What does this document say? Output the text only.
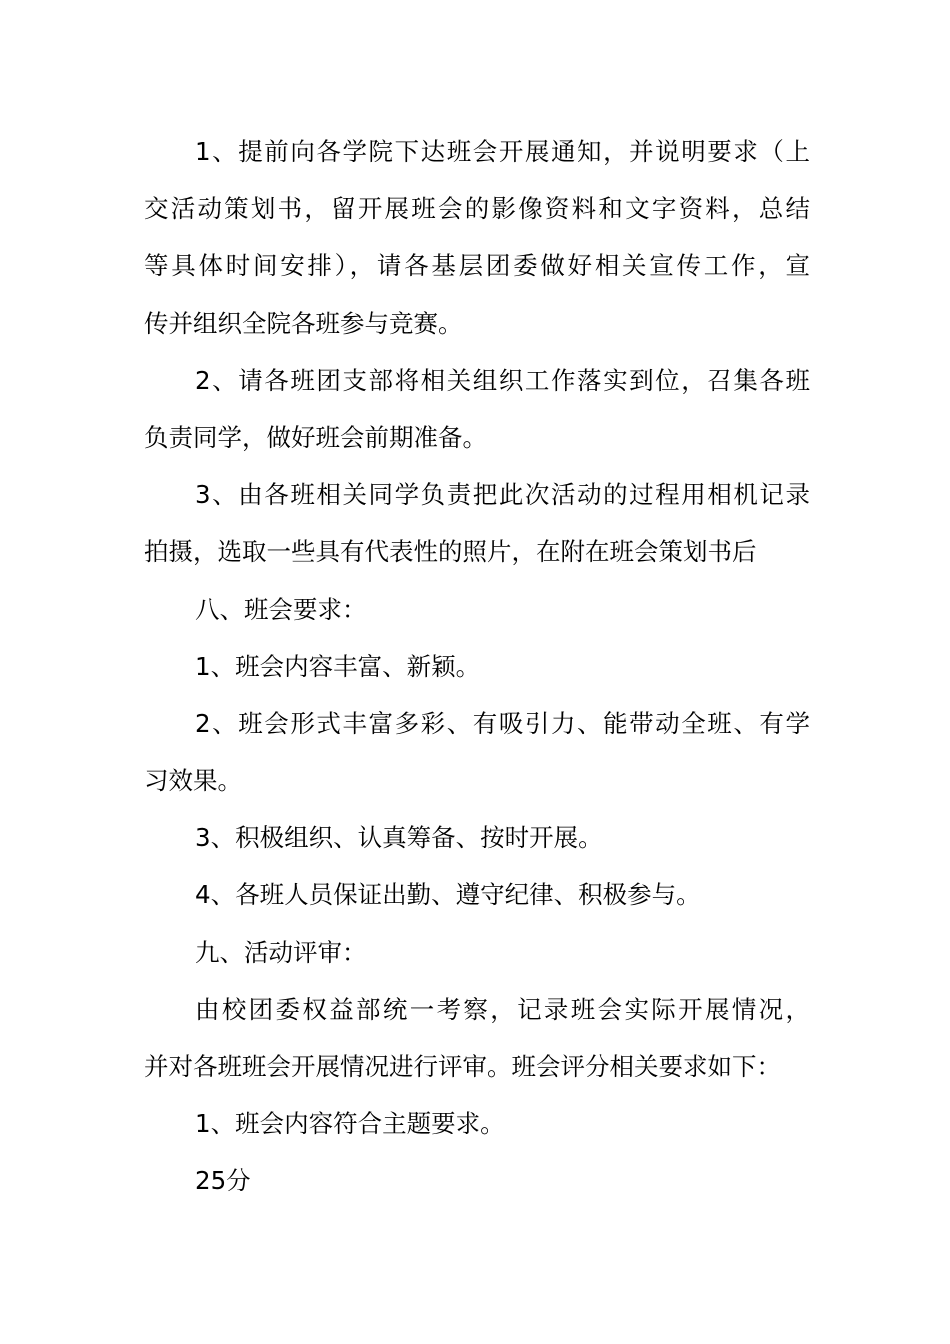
1、提前向各学院下达班会开展通知，并说明要求（上
交活动策划书，留开展班会的影像资料和文字资料，总结
等具体时间安排），请各基层团委做好相关宣传工作，宣
传并组织全院各班参与竞赛。
2、请各班团支部将相关组织工作落实到位，召集各班
负责同学，做好班会前期准备。
3、由各班相关同学负责把此次活动的过程用相机记录
拍摄，选取一些具有代表性的照片，在附在班会策划书后
八、班会要求：
1、班会内容丰富、新颖。
2、班会形式丰富多彩、有吸引力、能带动全班、有学
习效果。
3、积极组织、认真筹备、按时开展。
4、各班人员保证出勤、遵守纪律、积极参与。
九、活动评审：
由校团委权益部统一考察，记录班会实际开展情况，
并对各班班会开展情况进行评审。班会评分相关要求如下：
1、班会内容符合主题要求。
25分
